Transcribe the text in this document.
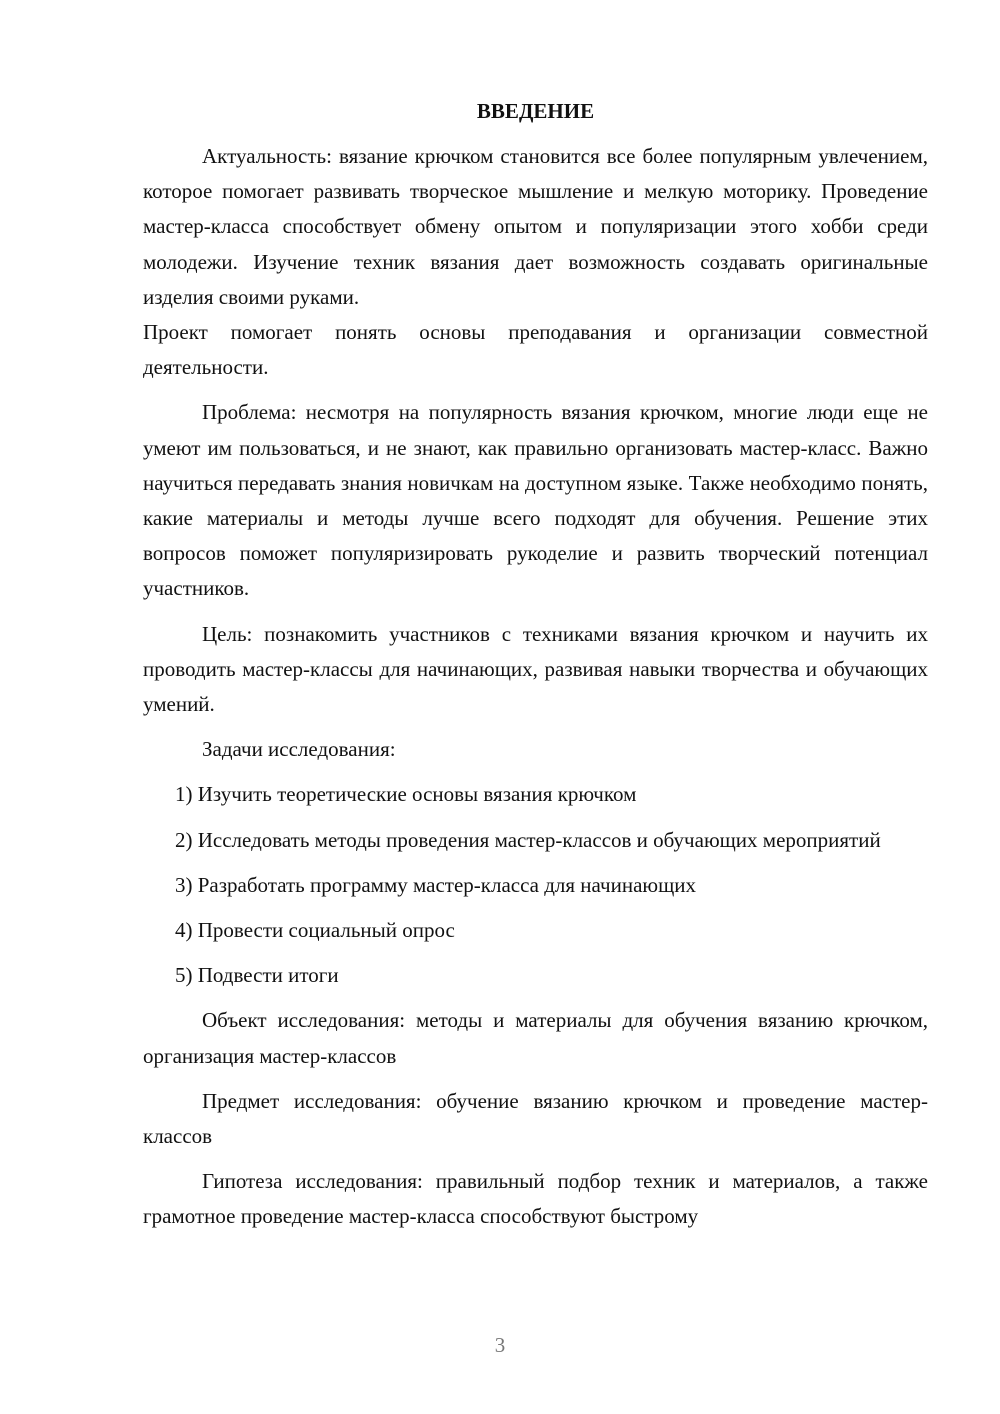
ВВЕДЕНИЕ

Актуальность: вязание крючком становится все более популярным увлечением, которое помогает развивать творческое мышление и мелкую моторику. Проведение мастер-класса способствует обмену опытом и популяризации этого хобби среди молодежи. Изучение техник вязания дает возможность создавать оригинальные изделия своими руками.
Проект помогает понять основы преподавания и организации совместной деятельности.

Проблема: несмотря на популярность вязания крючком, многие люди еще не умеют им пользоваться, и не знают, как правильно организовать мастер-класс. Важно научиться передавать знания новичкам на доступном языке. Также необходимо понять, какие материалы и методы лучше всего подходят для обучения. Решение этих вопросов поможет популяризировать рукоделие и развить творческий потенциал участников.

Цель: познакомить участников с техниками вязания крючком и научить их проводить мастер-классы для начинающих, развивая навыки творчества и обучающих умений.

Задачи исследования:

1) Изучить теоретические основы вязания крючком

2) Исследовать методы проведения мастер-классов и обучающих мероприятий

3) Разработать программу мастер-класса для начинающих

4) Провести социальный опрос

5) Подвести итоги

Объект исследования: методы и материалы для обучения вязанию крючком, организация мастер-классов

Предмет исследования: обучение вязанию крючком и проведение мастер-классов

Гипотеза исследования: правильный подбор техник и материалов, а также грамотное проведение мастер-класса способствуют быстрому

3
